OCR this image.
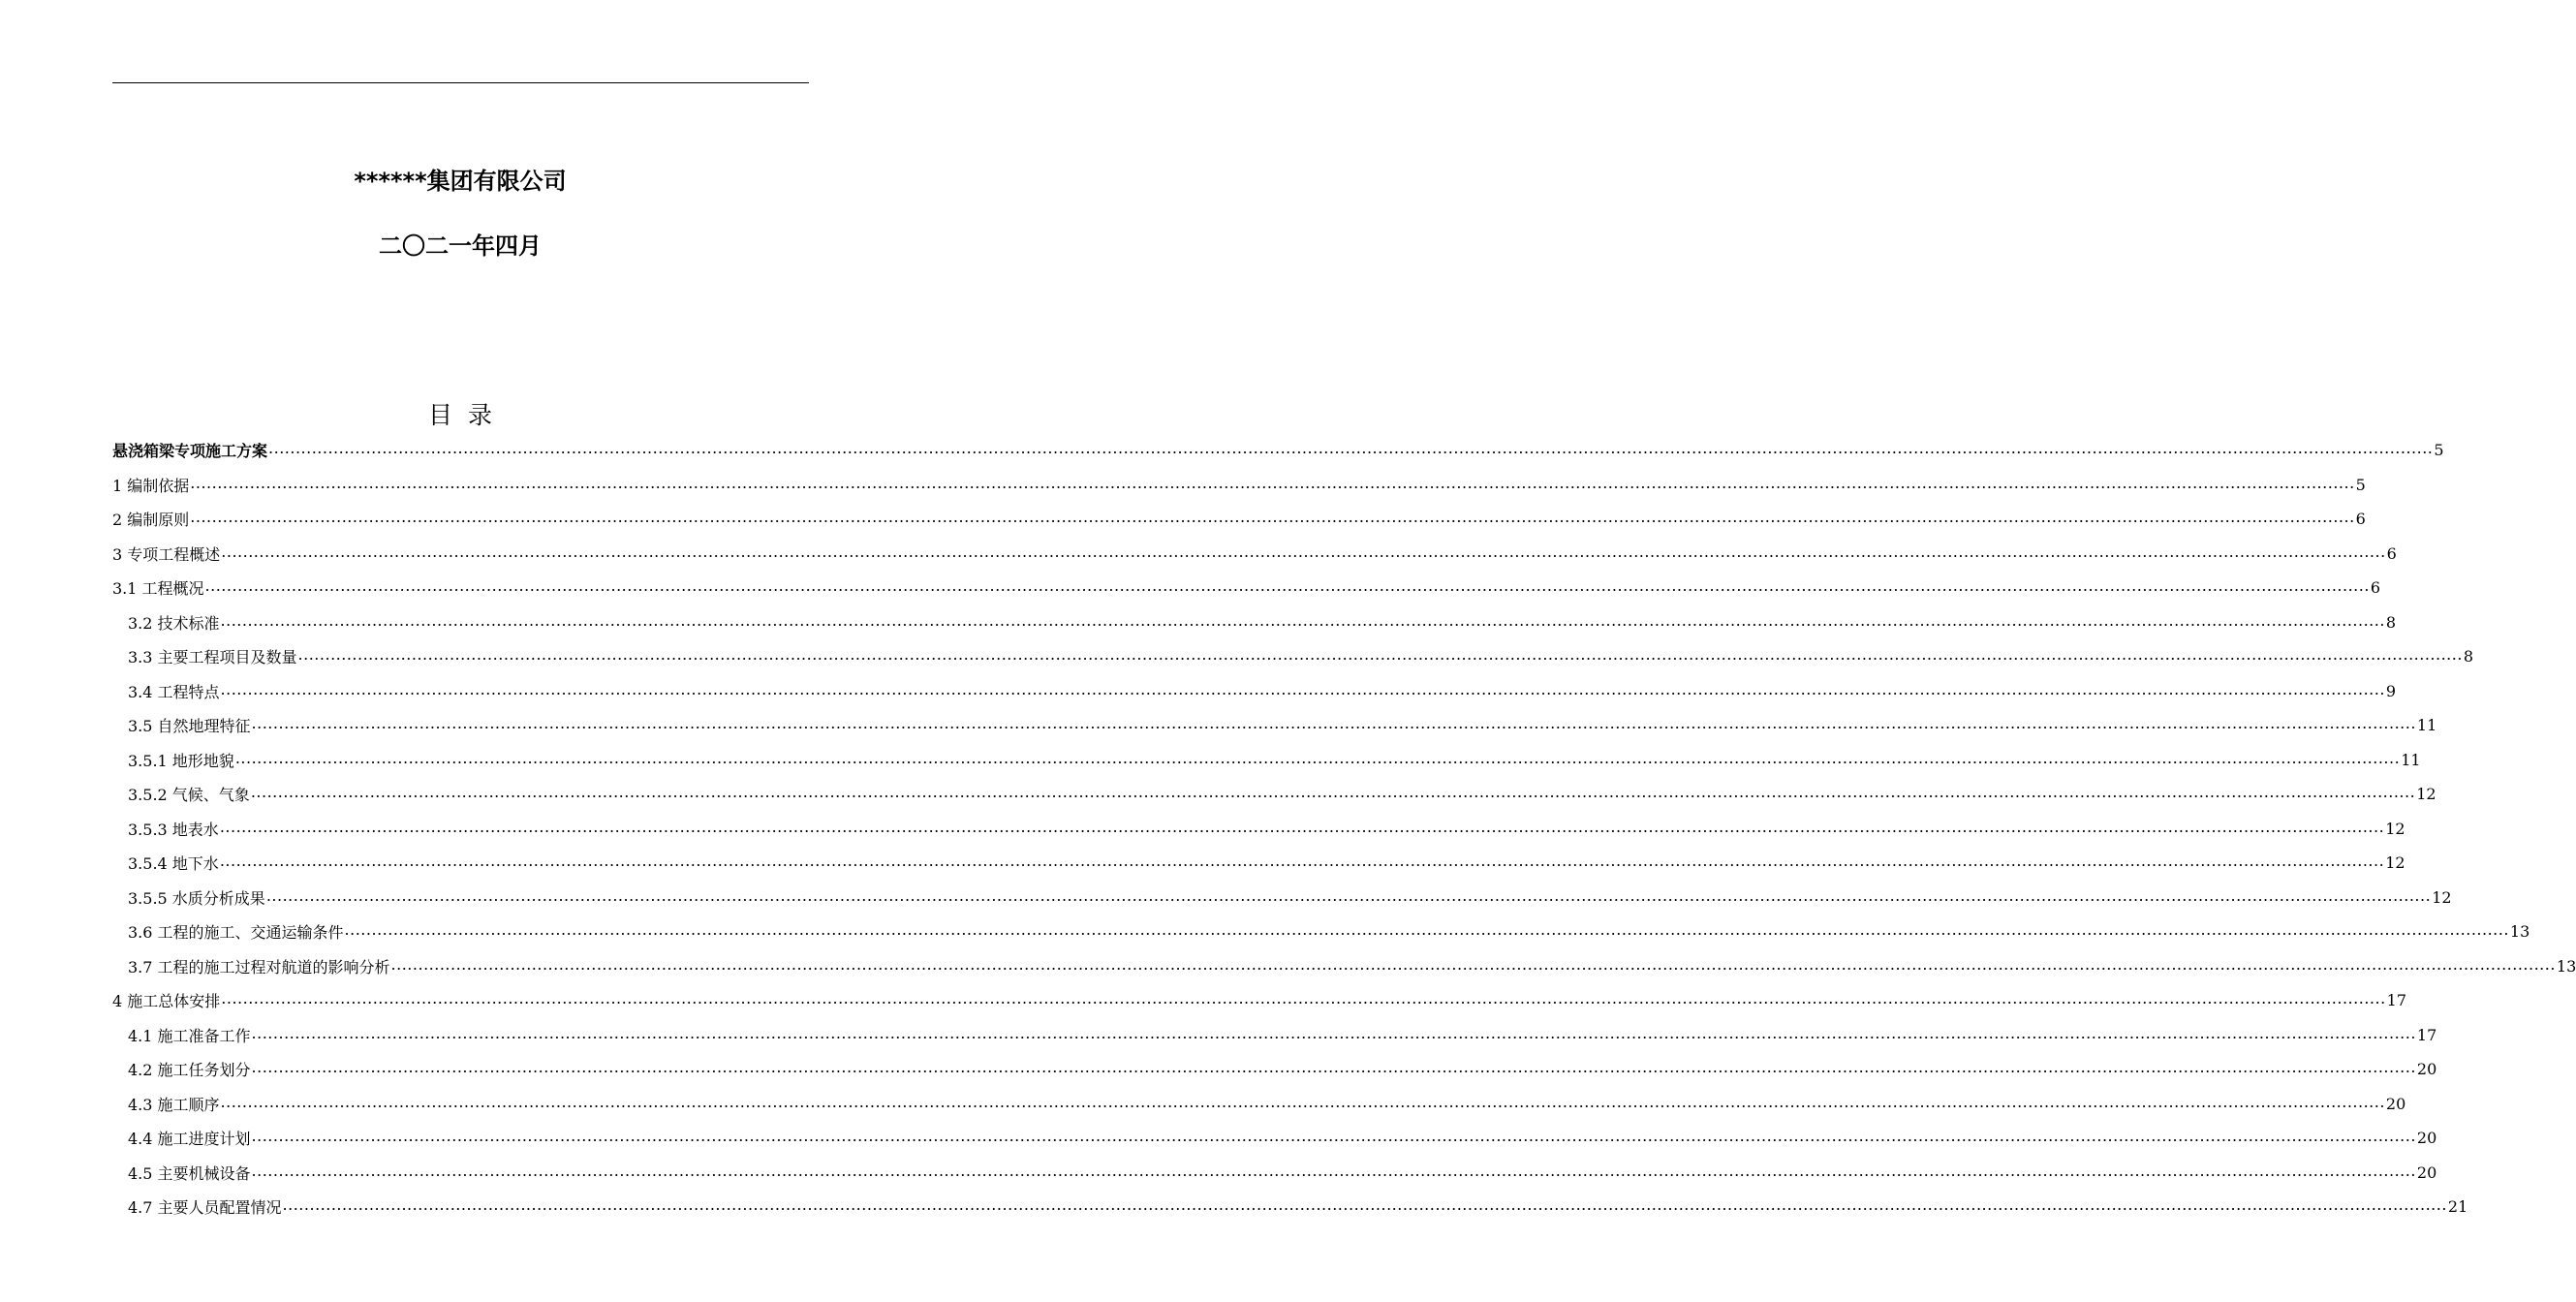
******集团有限公司
二〇二一年四月
目录
悬浇箱梁专项施工方案 ................................................................................................................................................................................................................................................................................................................................................................................................................ 5
1 编制依据 ................................................................................................................................................................................................................................................................................................................................................................................................................ 5
2 编制原则 ................................................................................................................................................................................................................................................................................................................................................................................................................ 6
3 专项工程概述 ................................................................................................................................................................................................................................................................................................................................................................................................................ 6
3.1 工程概况 ................................................................................................................................................................................................................................................................................................................................................................................................................ 6
3.2 技术标准 ................................................................................................................................................................................................................................................................................................................................................................................................................ 8
3.3 主要工程项目及数量 ................................................................................................................................................................................................................................................................................................................................................................................................................ 8
3.4 工程特点 ................................................................................................................................................................................................................................................................................................................................................................................................................ 9
3.5 自然地理特征 ................................................................................................................................................................................................................................................................................................................................................................................................................ 11
3.5.1 地形地貌 ................................................................................................................................................................................................................................................................................................................................................................................................................ 11
3.5.2 气候、气象 ................................................................................................................................................................................................................................................................................................................................................................................................................ 12
3.5.3 地表水 ................................................................................................................................................................................................................................................................................................................................................................................................................ 12
3.5.4 地下水 ................................................................................................................................................................................................................................................................................................................................................................................................................ 12
3.5.5 水质分析成果 ................................................................................................................................................................................................................................................................................................................................................................................................................ 12
3.6 工程的施工、交通运输条件 ................................................................................................................................................................................................................................................................................................................................................................................................................ 13
3.7 工程的施工过程对航道的影响分析 ................................................................................................................................................................................................................................................................................................................................................................................................................ 13
4 施工总体安排 ................................................................................................................................................................................................................................................................................................................................................................................................................ 17
4.1 施工准备工作 ................................................................................................................................................................................................................................................................................................................................................................................................................ 17
4.2 施工任务划分 ................................................................................................................................................................................................................................................................................................................................................................................................................ 20
4.3 施工顺序 ................................................................................................................................................................................................................................................................................................................................................................................................................ 20
4.4 施工进度计划 ................................................................................................................................................................................................................................................................................................................................................................................................................ 20
4.5 主要机械设备 ................................................................................................................................................................................................................................................................................................................................................................................................................ 20
4.7 主要人员配置情况 ................................................................................................................................................................................................................................................................................................................................................................................................................ 21
